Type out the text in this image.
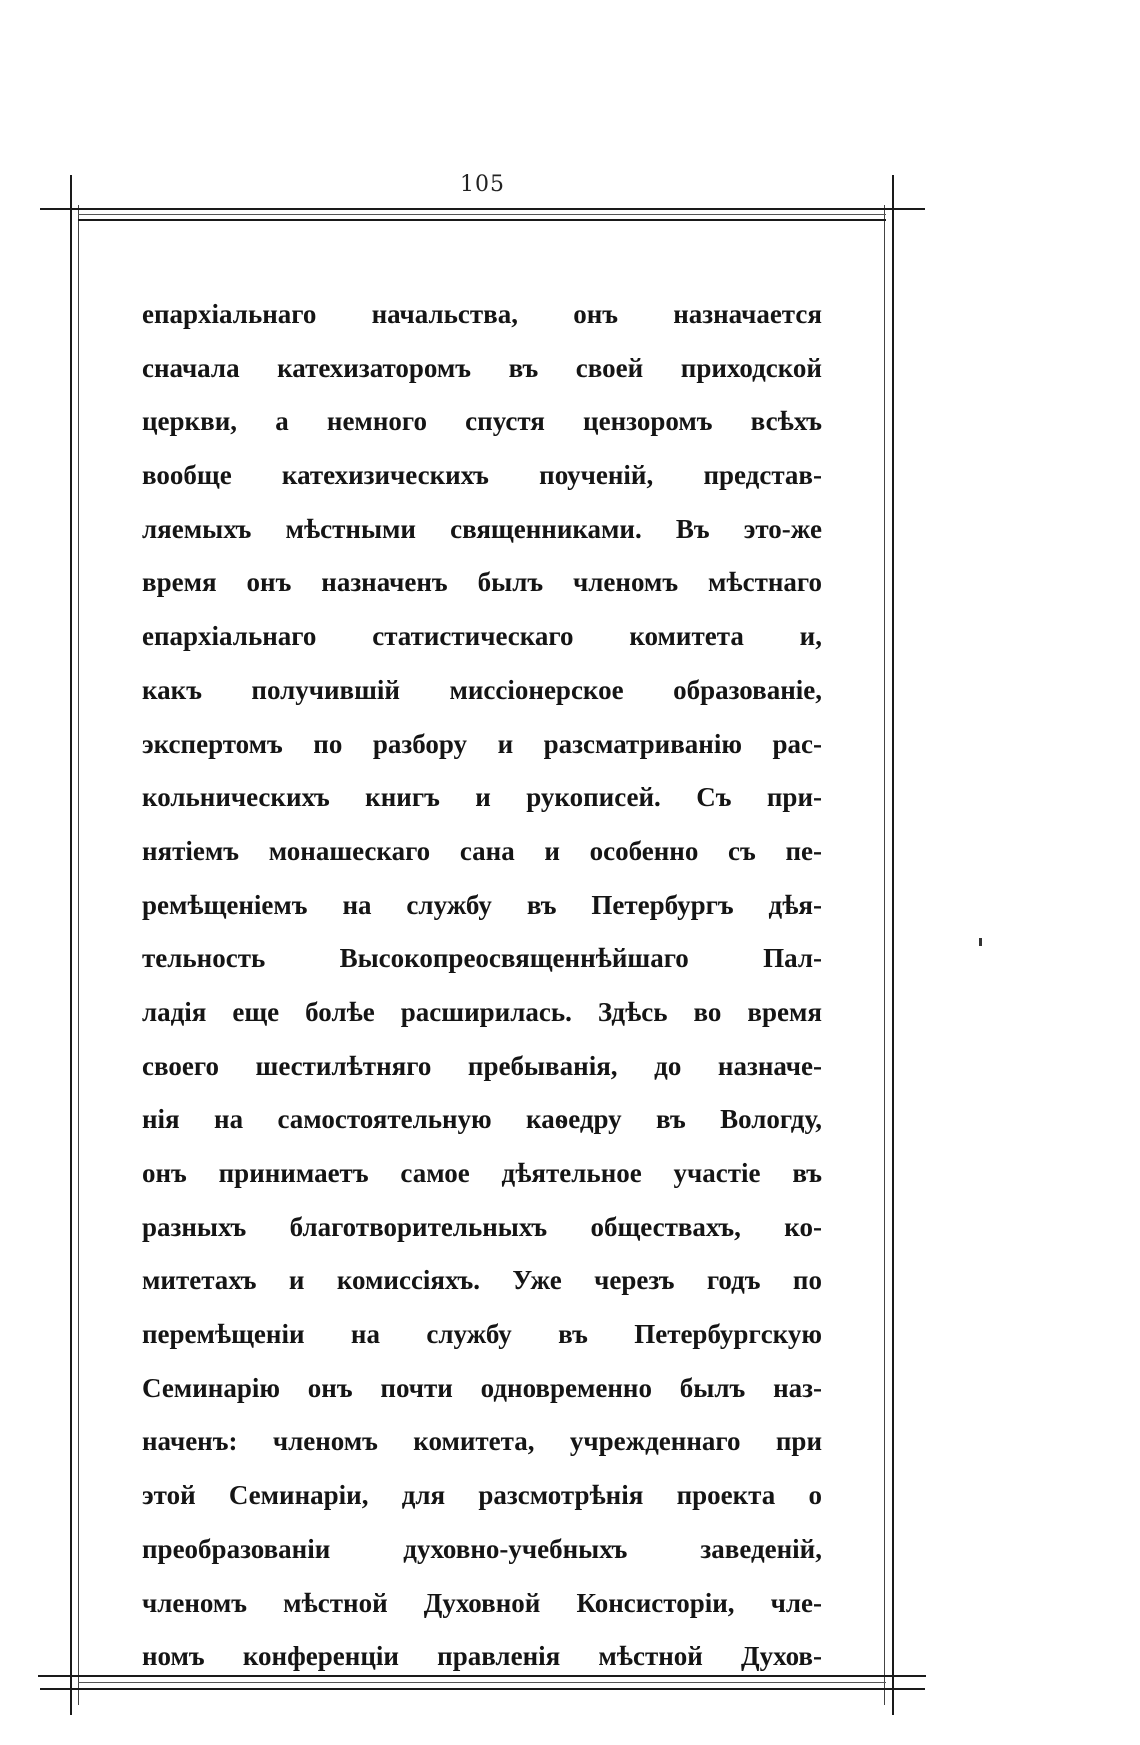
105
епархіальнаго начальства, онъ назначается
сначала катехизаторомъ въ своей приходской
церкви, а немного спустя цензоромъ всѣхъ
вообще катехизическихъ поученій, представ-
ляемыхъ мѣстными священниками. Въ это-же
время онъ назначенъ былъ членомъ мѣстнаго
епархіальнаго статистическаго комитета и,
какъ получившій миссіонерское образованіе,
экспертомъ по разбору и разсматриванію рас-
кольническихъ книгъ и рукописей. Съ при-
нятіемъ монашескаго сана и особенно съ пе-
ремѣщеніемъ на службу въ Петербургъ дѣя-
тельность Высокопреосвященнѣйшаго Пал-
ладія еще болѣе расширилась. Здѣсь во время
своего шестилѣтняго пребыванія, до назначе-
нія на самостоятельную каѳедру въ Вологду,
онъ принимаетъ самое дѣятельное участіе въ
разныхъ благотворительныхъ обществахъ, ко-
митетахъ и комиссіяхъ. Уже черезъ годъ по
перемѣщеніи на службу въ Петербургскую
Семинарію онъ почти одновременно былъ наз-
наченъ: членомъ комитета, учрежденнаго при
этой Семинаріи, для разсмотрѣнія проекта о
преобразованіи духовно-учебныхъ заведеній,
членомъ мѣстной Духовной Консисторіи, чле-
номъ конференціи правленія мѣстной Духов-
